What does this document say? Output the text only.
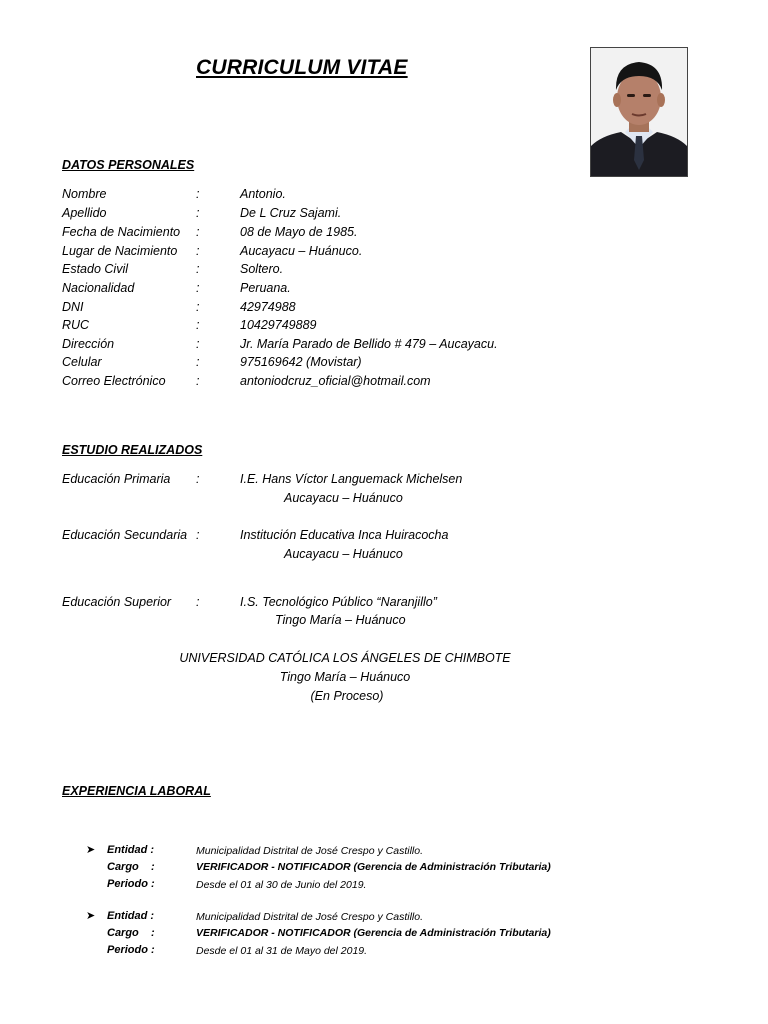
CURRICULUM VITAE
DATOS PERSONALES
Nombre	:	Antonio.
Apellido	:	De L Cruz Sajami.
Fecha de Nacimiento :	08 de Mayo de 1985.
Lugar de Nacimiento :	Aucayacu – Huánuco.
Estado Civil	:	Soltero.
Nacionalidad	:	Peruana.
DNI	:	42974988
RUC	:	10429749889
Dirección	:	Jr. María Parado de Bellido # 479 – Aucayacu.
Celular	:	975169642 (Movistar)
Correo Electrónico :	antoniodcruz_oficial@hotmail.com
ESTUDIO REALIZADOS
Educación Primaria :	I.E. Hans Víctor Languemack Michelsen
Aucayacu – Huánuco
Educación Secundaria :	Institución Educativa Inca Huiracocha
Aucayacu – Huánuco
Educación Superior :	I.S. Tecnológico Público “Naranjillo”
Tingo María – Huánuco
UNIVERSIDAD CATÓLICA LOS ÁNGELES DE CHIMBOTE
Tingo María – Huánuco
(En Proceso)
EXPERIENCIA LABORAL
➤ Entidad :	Municipalidad Distrital de José Crespo y Castillo.
Cargo    :	VERIFICADOR - NOTIFICADOR (Gerencia de Administración Tributaria)
Periodo :	Desde el 01 al 30 de Junio del 2019.
➤ Entidad :	Municipalidad Distrital de José Crespo y Castillo.
Cargo    :	VERIFICADOR - NOTIFICADOR (Gerencia de Administración Tributaria)
Periodo :	Desde el 01 al 31 de Mayo del 2019.
